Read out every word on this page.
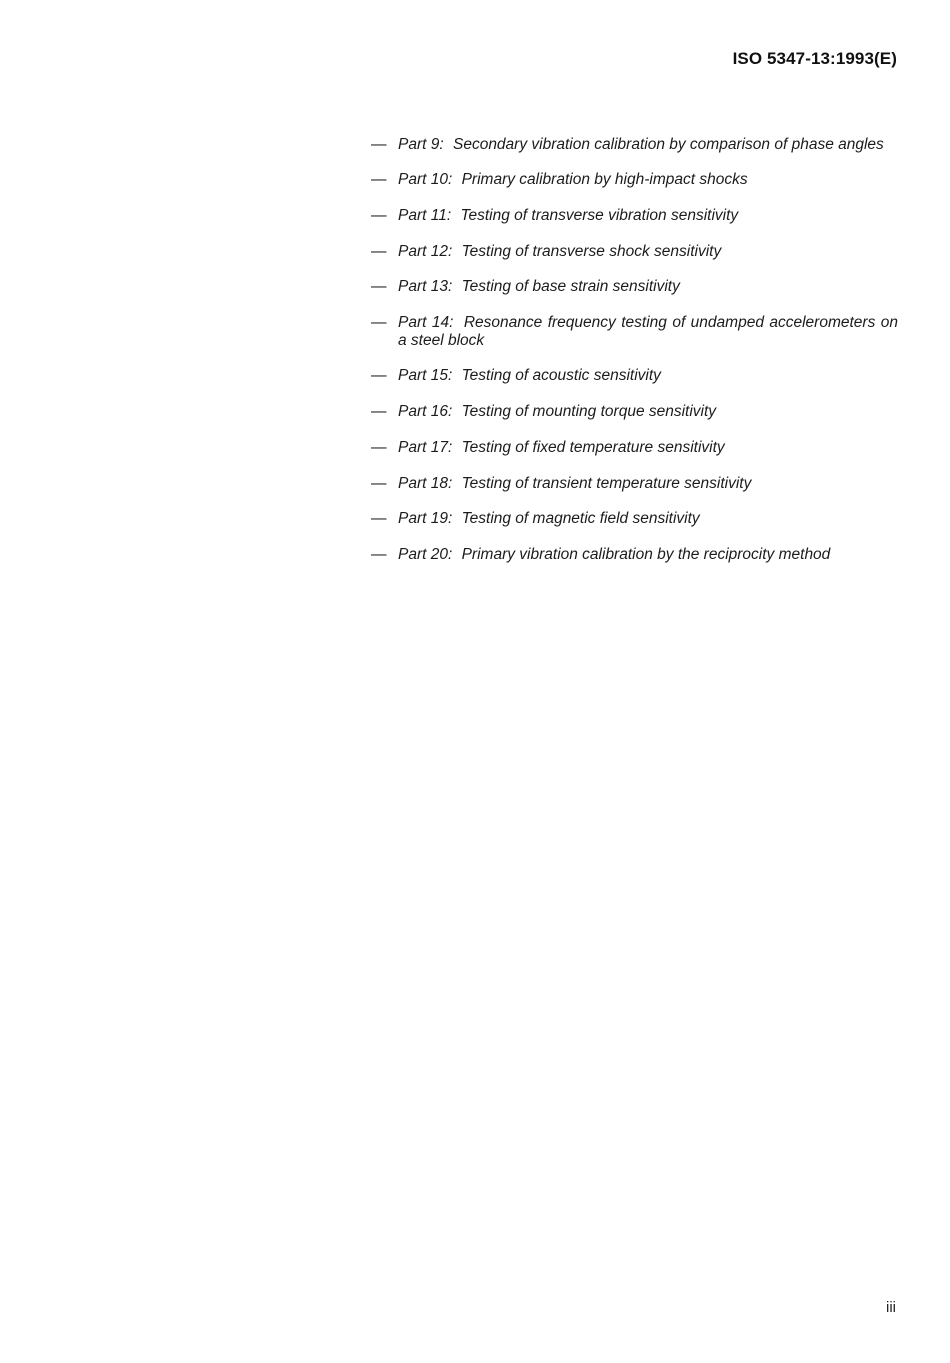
ISO 5347-13:1993(E)
— Part 9: Secondary vibration calibration by comparison of phase angles
— Part 10: Primary calibration by high-impact shocks
— Part 11: Testing of transverse vibration sensitivity
— Part 12: Testing of transverse shock sensitivity
— Part 13: Testing of base strain sensitivity
— Part 14: Resonance frequency testing of undamped accelerometers on a steel block
— Part 15: Testing of acoustic sensitivity
— Part 16: Testing of mounting torque sensitivity
— Part 17: Testing of fixed temperature sensitivity
— Part 18: Testing of transient temperature sensitivity
— Part 19: Testing of magnetic field sensitivity
— Part 20: Primary vibration calibration by the reciprocity method
iii
